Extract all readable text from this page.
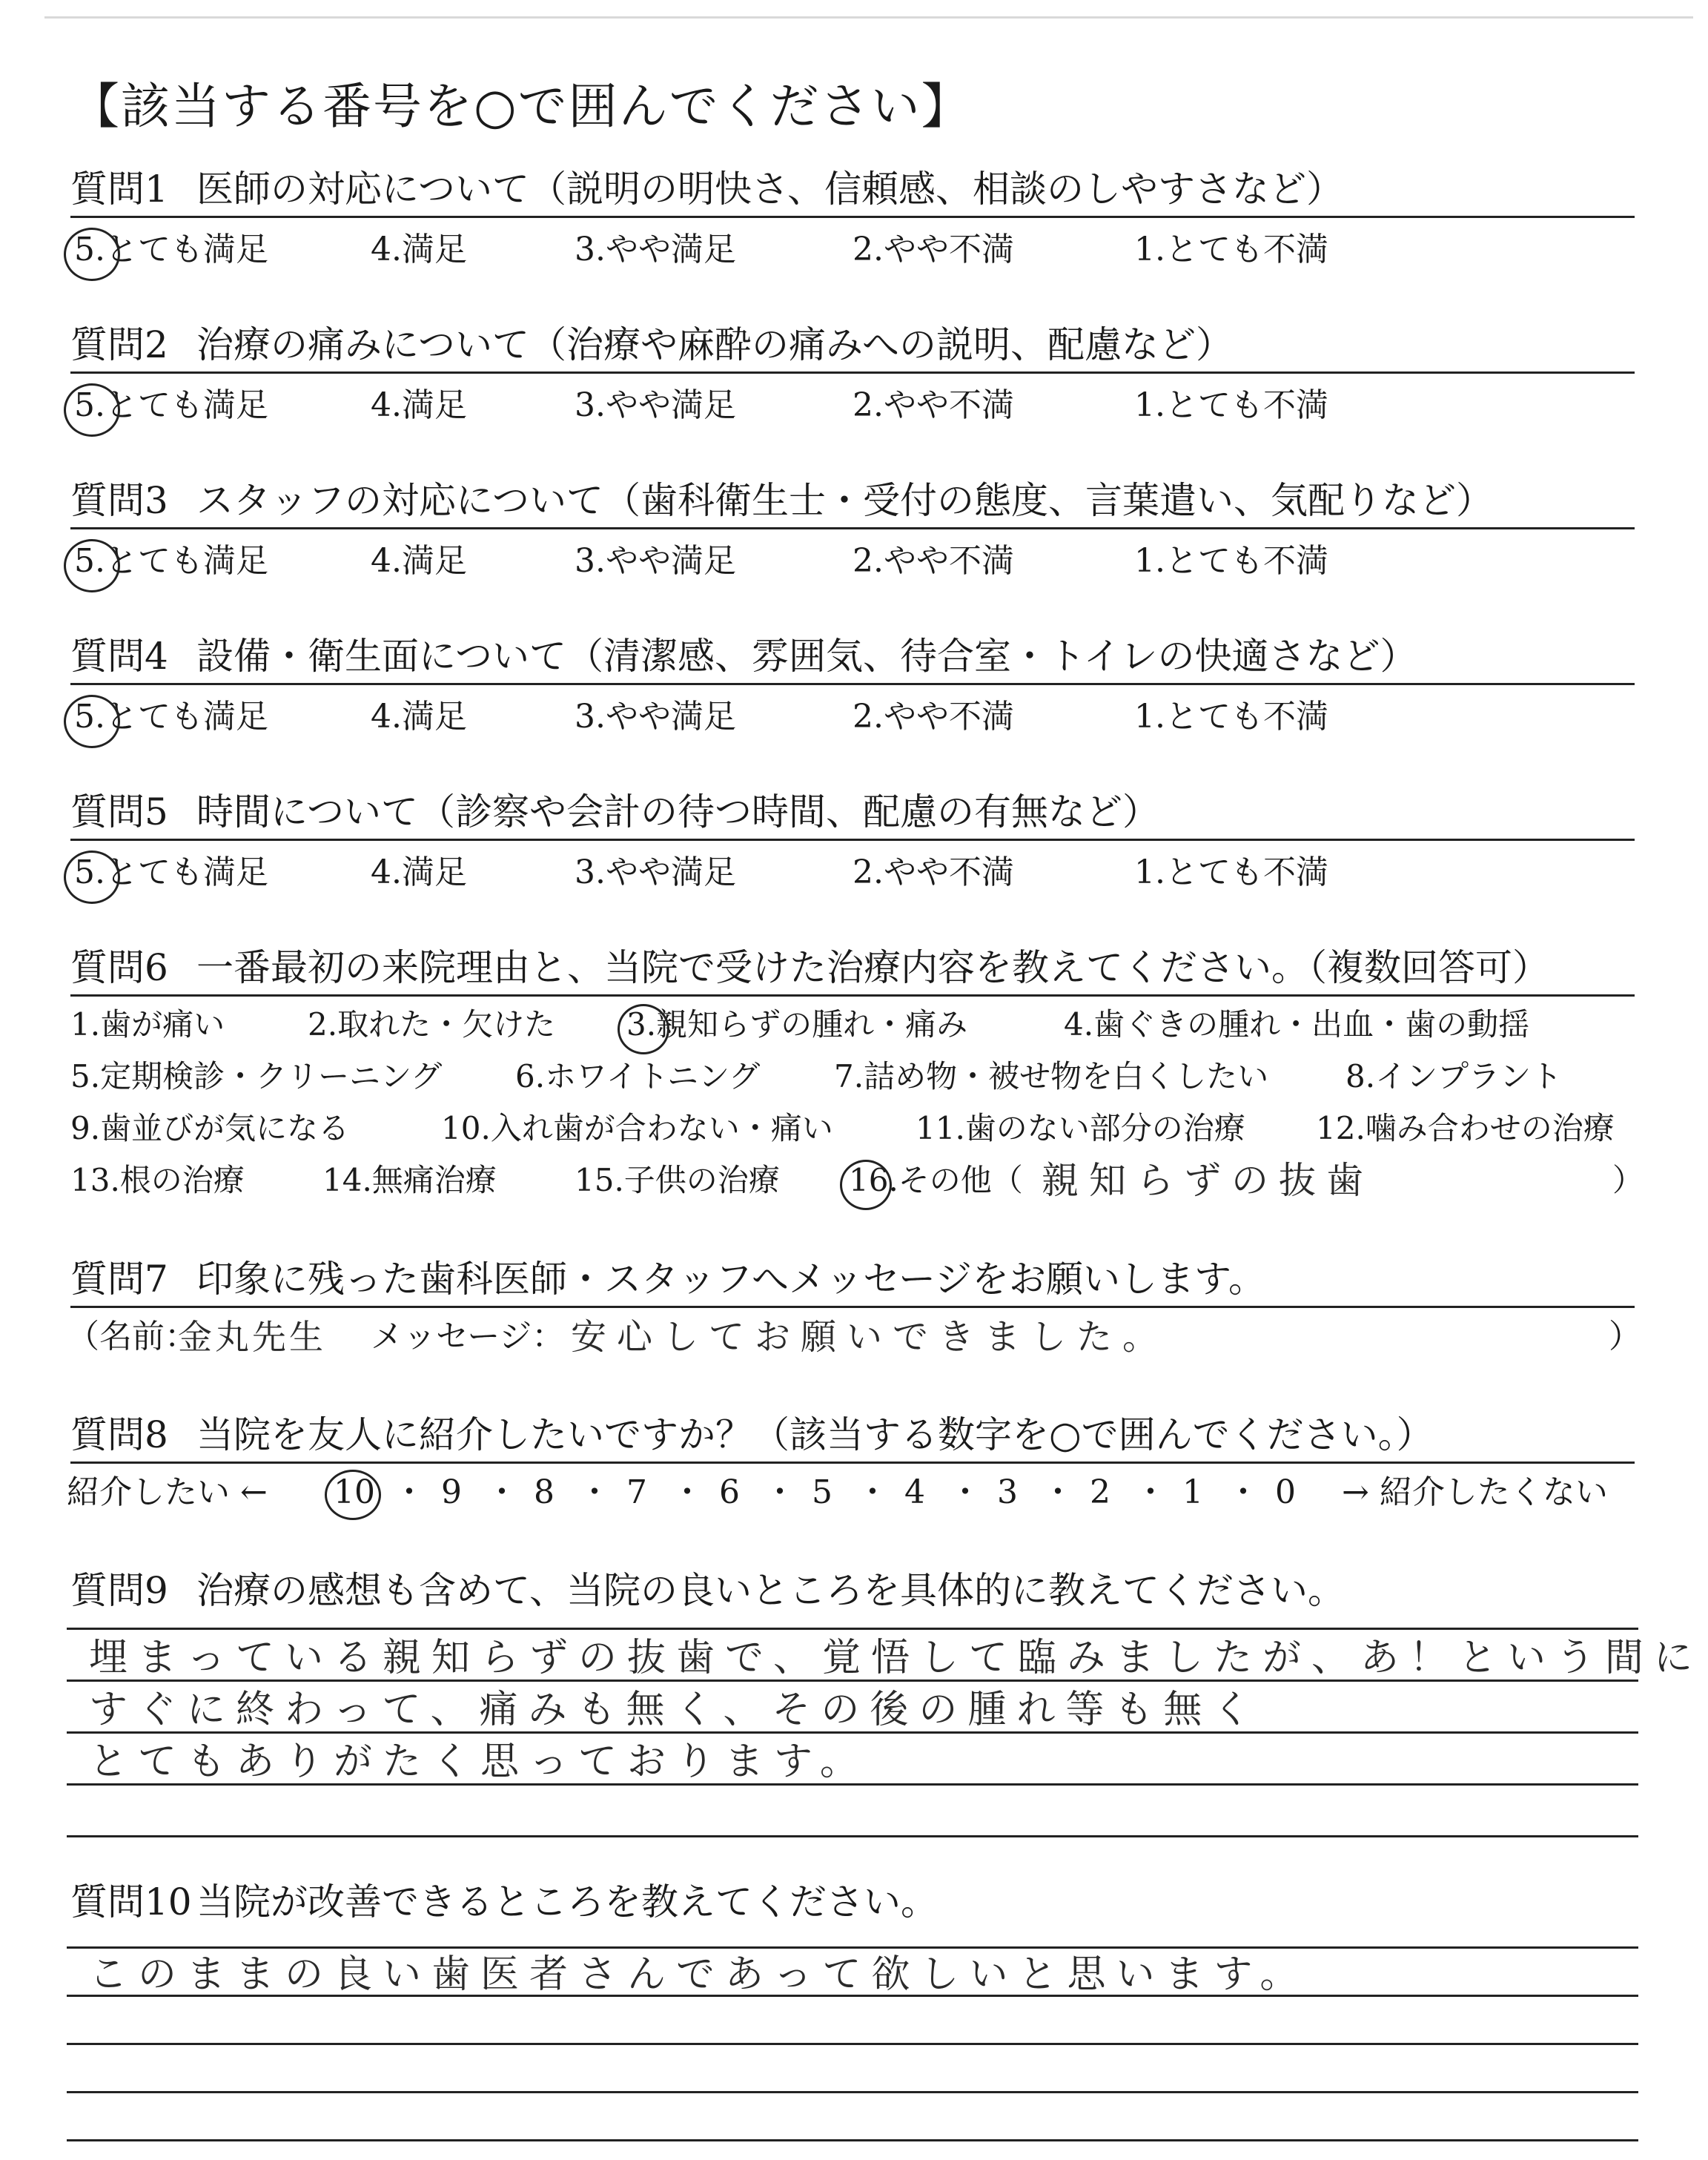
【該当する番号を○で囲んでください】
質問1 医師の対応について（説明の明快さ、信頼感、相談のしやすさなど）
5.とても満足	4.満足	3.やや満足	2.やや不満	1.とても不満
質問2 治療の痛みについて（治療や麻酔の痛みへの説明、配慮など）
5.とても満足	4.満足	3.やや満足	2.やや不満	1.とても不満
質問3 スタッフの対応について（歯科衛生士・受付の態度、言葉遣い、気配りなど）
5.とても満足	4.満足	3.やや満足	2.やや不満	1.とても不満
質問4 設備・衛生面について（清潔感、雰囲気、待合室・トイレの快適さなど）
5.とても満足	4.満足	3.やや満足	2.やや不満	1.とても不満
質問5 時間について（診察や会計の待つ時間、配慮の有無など）
5.とても満足	4.満足	3.やや満足	2.やや不満	1.とても不満
質問6 一番最初の来院理由と、当院で受けた治療内容を教えてください。（複数回答可）
1.歯が痛い	2.取れた・欠けた 3.親知らずの腫れ・痛み	4.歯ぐきの腫れ・出血・歯の動揺
5.定期検診・クリーニング 6.ホワイトニング 7.詰め物・被せ物を白くしたい 8.インプラント
9.歯並びが気になる	10.入れ歯が合わない・痛い	11.歯のない部分の治療 12.噛み合わせの治療
13.根の治療	14.無痛治療	15.子供の治療 16.その他（ 親知らずの抜歯	）
質問7 印象に残った歯科医師・スタッフへメッセージをお願いします。
（名前：
金丸先生 メッセージ： 安心してお願いできました。	）
質問8 当院を友人に紹介したいですか？（該当する数字を○で囲んでください。）
紹介したい ← 10 ・ 9 ・ 8 ・ 7 ・ 6 ・ 5 ・ 4 ・ 3 ・ 2 ・ 1 ・ 0 → 紹介したくない
質問9 治療の感想も含めて、当院の良いところを具体的に教えてください。
埋まっている親知らずの抜歯で、覚悟して臨みましたが、あ！という間に
すぐに終わって、痛みも無く、その後の腫れ等も無く
とてもありがたく思っております。
質問10 当院が改善できるところを教えてください。
このままの良い歯医者さんであって欲しいと思います。
